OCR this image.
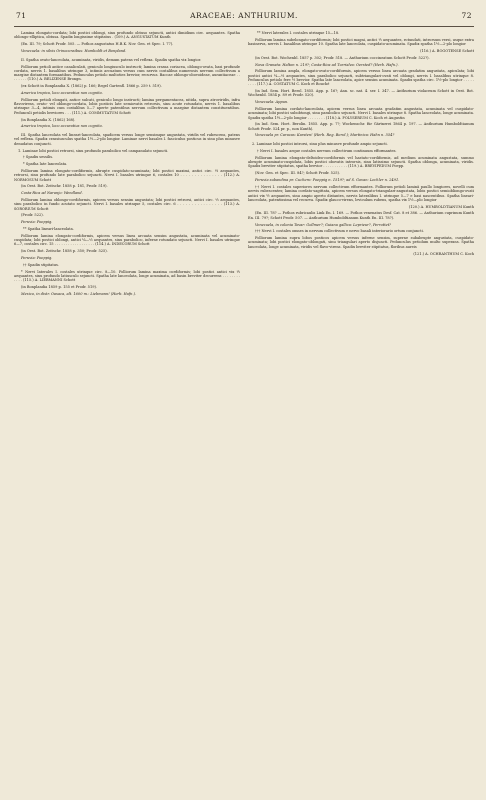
71	ARACEAE: ANTHURIUM.	72

Lamina elongato-cordata; lobi postici oblongi, sinu profundo obtuso sejuncti, antici dimidium circ. aequantes. Spatha oblongo-elliptica, obtusa. Spadix longissime stipitatus . (109.) A. ANGUSTATUM Kunth

(En. III. 79; Schott Prodr. 505. — Pothos angustatus H.B.K. Nov. Gen. et Spec. I. 77).

Venezuela: in silvis Orinocensibus: Humboldt et Bonpland.

II. Spatha ovato-lanceolata, acuminata, viridis, demum patens vel reflexa. Spadix spatha vix longior.

Folliorum petioli antice canaliculati, geniculo longiusculo instructi; lamina crassa coriacea, oblongo-ovata, basi profunde cordata, nervis 1. basalibus utrinque 3, intimis arcuatum versus cum nervis costalibus numerosis nervum collectivum a margine distantem formantibus. Pedunculus petiolo multoties brevior, recurvus. Baccae oblongo-obovoideae, aurantiaceae . . . . . . . . (110.) A. BELIZENSE Brongn.

(ex Schott in Bonplandia X. (1862) p. 166; Regel Gartenfl. 1866 p. 259 t. 519).

America tropica, loco accuratius non cognito.

Folliorum petioli elongati, antice sulcati, geniculo longo instructi; lamina pergamentacea, nitida, supra atroviridis, infra flavovirens, ovato- vel oblongo-cordata, lobis posticis late semiovatis retrorsis, sinu acute rotundato, nervis 1. basalibus utrinque 3—4, intimis cum costalibus 5—7 aperte patentibus nervum collectivum a margine distantem constituentibus. Pedunculi petiolis breviores . . . (111.) A. COMMUTATUM Schott

(in Bonplandia X. (1862) 168).

America tropica, loco accuratius non cognito.

III. Spatha lanceolata vel lineari-lanceolata, spadicem versus longe sensimque angustata, viridis vel rubescens, patens vel reflexa. Spadix crassiusculus spatha 1½—2-plo longior. Laminae nervi basales I. fasciculus posticus in sinu plus minusve denudatus conjuncti.

1. Laminae lobi postici retrorsi, sinu profundo parabolico vel campanulato sejuncti.

† Spadix sessilis.

* Spatha late lanceolata.

Folliorum lamina elongato-cordiformis, abrupte cuspidato-acuminata; lobi postici maximi, antici circ. ⅓ aequantes, retrorsi, sinu profundo late parabolico sejuncti. Nervi I. basales utrinque 6, costales 10 . . . . . . . . . . . . . . . (112.) A. NORMOSUM Schott

(in Oest. Bot. Zeitschr. 1858 p. 181, Prodr. 519).

Costa-Rica ad Naranjo: Wendland.

Folliorum lamina oblongo-cordiformis, apicem versus sensim angustata; lobi postici retrorsi, antici circ. ⅓ aequantes, sinu parabolico in fundo acutato sejuncti. Nervi I. basales utrinque 5, costales circ. 6 . . . . . . . . . . . . . . . . (113.) A. SORORIUM Schott

(Prodr. 522).

Peruvia: Poeppig.

** Spatha lineari-lanceolata.

Folliorum lamina elongato-cordiformis, apicem versus linea arcuata sensim angustata, acuminata vel acuminato-cuspidata; lobi postici oblongi, antici ¼—⅓ aequantes, sinu parabolico, inferne rotundato sejuncti. Nervi I. basales utrinque 6—7, costales circ. 15 . . . . . . . . . . . . . . . . . . (114.) A. INDECORUM Schott

(in Oest. Bot. Zeitschr. 1858 p. 350; Prodr. 525).

Peruvia: Poeppig.

†† Spadix stipitatus.

* Nervi laterales I. costales utrinque circ. 8—10. Folliorum lamina maxima cordiformis; lobi postici antici vix ⅓ aequantes, sinu profundo latiusculo sejuncti. Spatha late lanceolata, longe acuminata, ad basin breviter decurrens . . . . . . . . . . . . (115.) A. LIEBMANNI Schott

(in Bonplandia 1859 p. 155 et Prodr. 519).

Mexico, in distr. Oaxaca, alt. 1600 m.: Liebmann! (Herb. Hafn.).

** Nervi laterales I. costales utrinque 15—18.

Folliorum lamina subelongato-cordiformis; lobi postici magni, antici ⅓ aequantes, rotundati, introrsum versi, usque extra basinerva, nervis I. basalibus utrinque 10. Spatha late lanceolata, cuspidato-acuminata. Spadix spatha 1½—2-plo longior

(116.) A. BOGOTENSE Schott

(in Oest. Bot. Wochenbl. 1857 p. 302; Prodr. 518. — Anthurium coccineatum Schott Prodr. 522?).

Nova Granata: Halton n. 219?; Costa-Rica ad Turrialva: Oersted? (Herb. Hafn.).

Folliorum lamina ampla, elongato-ovato-cordiformis, apicem versus linea arcuata gradatim angustata, apiculata; lobi postici antici ¼—⅓ aequantes, sinu parabolico sejuncti, subtriangulari-ovati vel oblongi, nervis I. basalibus utrinque 8. Pedunculus petiolo fere ½ brevior. Spatha late lanceolata, apice sensim acuminata. Spadix spatha circ. 1½-plo longior . . . . . . . . . (117.) A. COSTATUM C. Koch et Bouché

(in Ind. Sem. Hort. Berol. 1855. App. p. 16?; Ann. sc. nat. 4. ser. I. 347. — Anthurium violaceum Schott in Oest. Bot. Wochenbl. 1854 p. 89 et Prodr. 520).

Venezuela: Appun.

Folliorum lamina cordato-lanceolata, apicem versus linea arcuata gradatim angustata, acuminata vel cuspidato-acuminata; lobi postici subobtongi, sinu parabolico sejuncti. Nervi I. basales utrinque 8. Spatha lanceolata, longe acuminata. Spadix spatha 1½—2-plo longior . . . . . . . . (118.) A. POLYSERIUM C. Koch et Augustin

(in Ind. Sem. Hort. Berolin. 1855. App. p. 7?; Wochenschr. für Gärtnerei 1864 p. 197. — Anthurium Humboldtianum Schott Prodr. 524 pr. p., non Kunth).

Venezuela pr. Caracas: Karsten! (Herb. Reg. Berol.); Martinica: Hahn n. 554?

2. Laminae lobi postici introrsi, sinu plus minusve profunde ampio sejuncti.

† Nervi I. basales aeque costales nervum collectivum continuum efformantes.

Folliorum lamina elongato-deltoideo-cordiformis vel hastato-cordiformis, ad medium acuminata angustata, summo abrupte acuminato-cuspidata, lobis postici obovatis introrsis, sinu latissimo sejuncti. Spatha oblonga, acuminata, viridis. Spadix breviter stipitatus, spatha brevior . . . . . . . . . . . (119.) A. BREVIPEDUM Poepp.

(Nov. Gen. et Spec. III. 84?; Schott Prodr. 525).

Peruvia subandina pr. Cuchero: Poeppig n. 1519?; ad S. Govan: Lechler n. 2491.

†† Nervi I. costales superiores nervum collectivum efformantes. Folliorum petioli laminā paullo longiores, novelli cum nervis rubescentes; lamina cordato-sagittata, apicem versus elongato-triangulari-angustata, lobis postici semiobliongo-ovati antici vix ½ aequantes, sinu ampio aperto distantes, nervis lateralibus I. utrinque 5—7 e basi nascentibus. Spatha lineari-lanceolata, patentissima vel recurva. Spadix glauco-virens, leviculum rubens, spatha vix 1½—plo longior

(120.) A. HUMBOLDTIANUM Kunth

(En. III. 78? — Pothos rubricaulis Link En. I. 169. — Pothos venenatus Desf. Cat. 8 et 386. — Anthurium cuprinum Kunth En. III. 79?; Schott Prodr. 507. — Anthurium Humboldtianum Kunth En. III. 78?).

Venezuela, in colonia Tovar: Gollmer?; Guiana gallica: Leprieur?, Perrottet?

††† Nervi I. costales omnes in nervum collectivum e nervo basali interiorario ortum conjuncti.

Folliorum lamina supra lobos posticos apicem versus inferne sensim, superne subabrupte angustata, cuspidato-acuminata; lobi postici elongato-oblongati, sinu triangulari aperto disjuncti. Pedunculus petiolum multo superans. Spatha lanceolata, longe acuminata, viridis vel flavo-virens. Spadix breviter stipitatus, floribus aureis

(121.) A. OCHRANTHUM C. Koch
